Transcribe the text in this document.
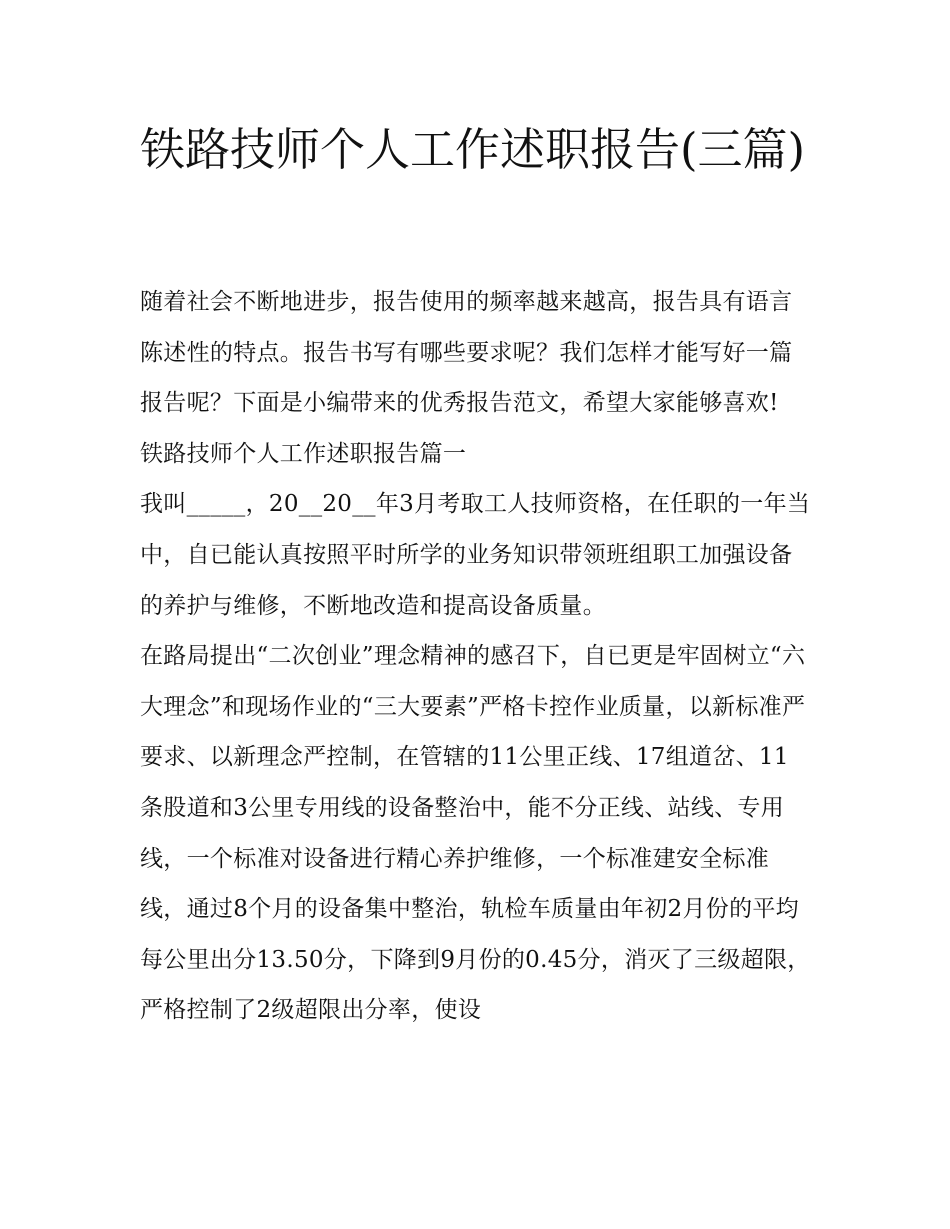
铁路技师个人工作述职报告(三篇)

随着社会不断地进步，报告使用的频率越来越高，报告具有语言陈述性的特点。报告书写有哪些要求呢？我们怎样才能写好一篇报告呢？下面是小编带来的优秀报告范文，希望大家能够喜欢!

铁路技师个人工作述职报告篇一

我叫_____，20__20__年3月考取工人技师资格，在任职的一年当中，自已能认真按照平时所学的业务知识带领班组职工加强设备的养护与维修，不断地改造和提高设备质量。

在路局提出“二次创业”理念精神的感召下，自已更是牢固树立“六大理念”和现场作业的“三大要素”严格卡控作业质量，以新标准严要求、以新理念严控制，在管辖的11公里正线、17组道岔、11条股道和3公里专用线的设备整治中，能不分正线、站线、专用线，一个标准对设备进行精心养护维修，一个标准建安全标准线，通过8个月的设备集中整治，轨检车质量由年初2月份的平均每公里出分13.50分，下降到9月份的0.45分，消灭了三级超限，严格控制了2级超限出分率，使设
